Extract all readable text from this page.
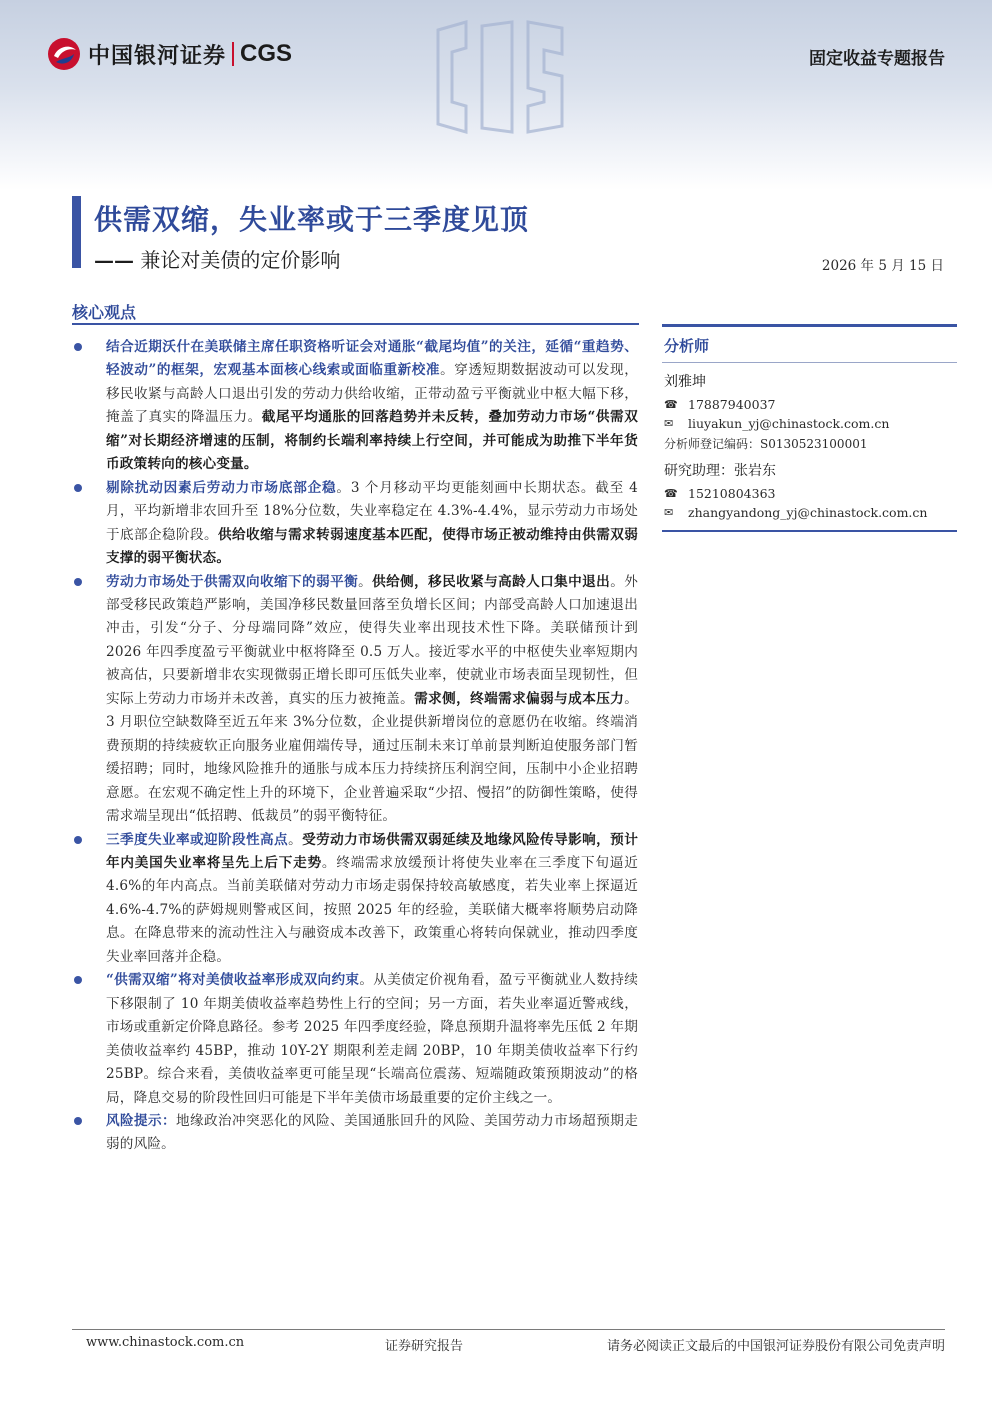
中国银河证券 CGS	固定收益专题报告
供需双缩，失业率或于三季度见顶
—— 兼论对美债的定价影响	2026 年 5 月 15 日
核心观点
结合近期沃什在美联储主席任职资格听证会对通胀“截尾均值”的关注，延循“重趋势、轻波动”的框架，宏观基本面核心线索或面临重新校准。穿透短期数据波动可以发现，移民收紧与高龄人口退出引发的劳动力供给收缩，正带动盈亏平衡就业中枢大幅下移，掩盖了真实的降温压力。截尾平均通胀的回落趋势并未反转，叠加劳动力市场“供需双缩”对长期经济增速的压制，将制约长端利率持续上行空间，并可能成为助推下半年货币政策转向的核心变量。
剔除扰动因素后劳动力市场底部企稳。3 个月移动平均更能刻画中长期状态。截至 4 月，平均新增非农回升至 18%分位数，失业率稳定在 4.3%-4.4%，显示劳动力市场处于底部企稳阶段。供给收缩与需求转弱速度基本匹配，使得市场正被动维持由供需双弱支撑的弱平衡状态。
劳动力市场处于供需双向收缩下的弱平衡。供给侧，移民收紧与高龄人口集中退出。外部受移民政策趋严影响，美国净移民数量回落至负增长区间；内部受高龄人口加速退出冲击，引发“分子、分母端同降”效应，使得失业率出现技术性下降。美联储预计到 2026 年四季度盈亏平衡就业中枢将降至 0.5 万人。接近零水平的中枢使失业率短期内被高估，只要新增非农实现微弱正增长即可压低失业率，使就业市场表面呈现韧性，但实际上劳动力市场并未改善，真实的压力被掩盖。需求侧，终端需求偏弱与成本压力。3 月职位空缺数降至近五年来 3%分位数，企业提供新增岗位的意愿仍在收缩。终端消费预期的持续疲软正向服务业雇佣端传导，通过压制未来订单前景判断迫使服务部门暂缓招聘；同时，地缘风险推升的通胀与成本压力持续挤压利润空间，压制中小企业招聘意愿。在宏观不确定性上升的环境下，企业普遍采取“少招、慢招”的防御性策略，使得需求端呈现出“低招聘、低裁员”的弱平衡特征。
三季度失业率或迎阶段性高点。受劳动力市场供需双弱延续及地缘风险传导影响，预计年内美国失业率将呈先上后下走势。终端需求放缓预计将使失业率在三季度下旬逼近 4.6%的年内高点。当前美联储对劳动力市场走弱保持较高敏感度，若失业率上探逼近 4.6%-4.7%的萨姆规则警戒区间，按照 2025 年的经验，美联储大概率将顺势启动降息。在降息带来的流动性注入与融资成本改善下，政策重心将转向保就业，推动四季度失业率回落并企稳。
“供需双缩”将对美债收益率形成双向约束。从美债定价视角看，盈亏平衡就业人数持续下移限制了 10 年期美债收益率趋势性上行的空间；另一方面，若失业率逼近警戒线，市场或重新定价降息路径。参考 2025 年四季度经验，降息预期升温将率先压低 2 年期美债收益率约 45BP，推动 10Y-2Y 期限利差走阔 20BP，10 年期美债收益率下行约 25BP。综合来看，美债收益率更可能呈现“长端高位震荡、短端随政策预期波动”的格局，降息交易的阶段性回归可能是下半年美债市场最重要的定价主线之一。
风险提示：地缘政治冲突恶化的风险、美国通胀回升的风险、美国劳动力市场超预期走弱的风险。
分析师
刘雅坤
☎ 17887940037
✉	liuyakun_yj@chinastock.com.cn
分析师登记编码：S0130523100001
研究助理：张岩东
☎ 15210804363
✉	zhangyandong_yj@chinastock.com.cn
www.chinastock.com.cn	证券研究报告	请务必阅读正文最后的中国银河证券股份有限公司免责声明
